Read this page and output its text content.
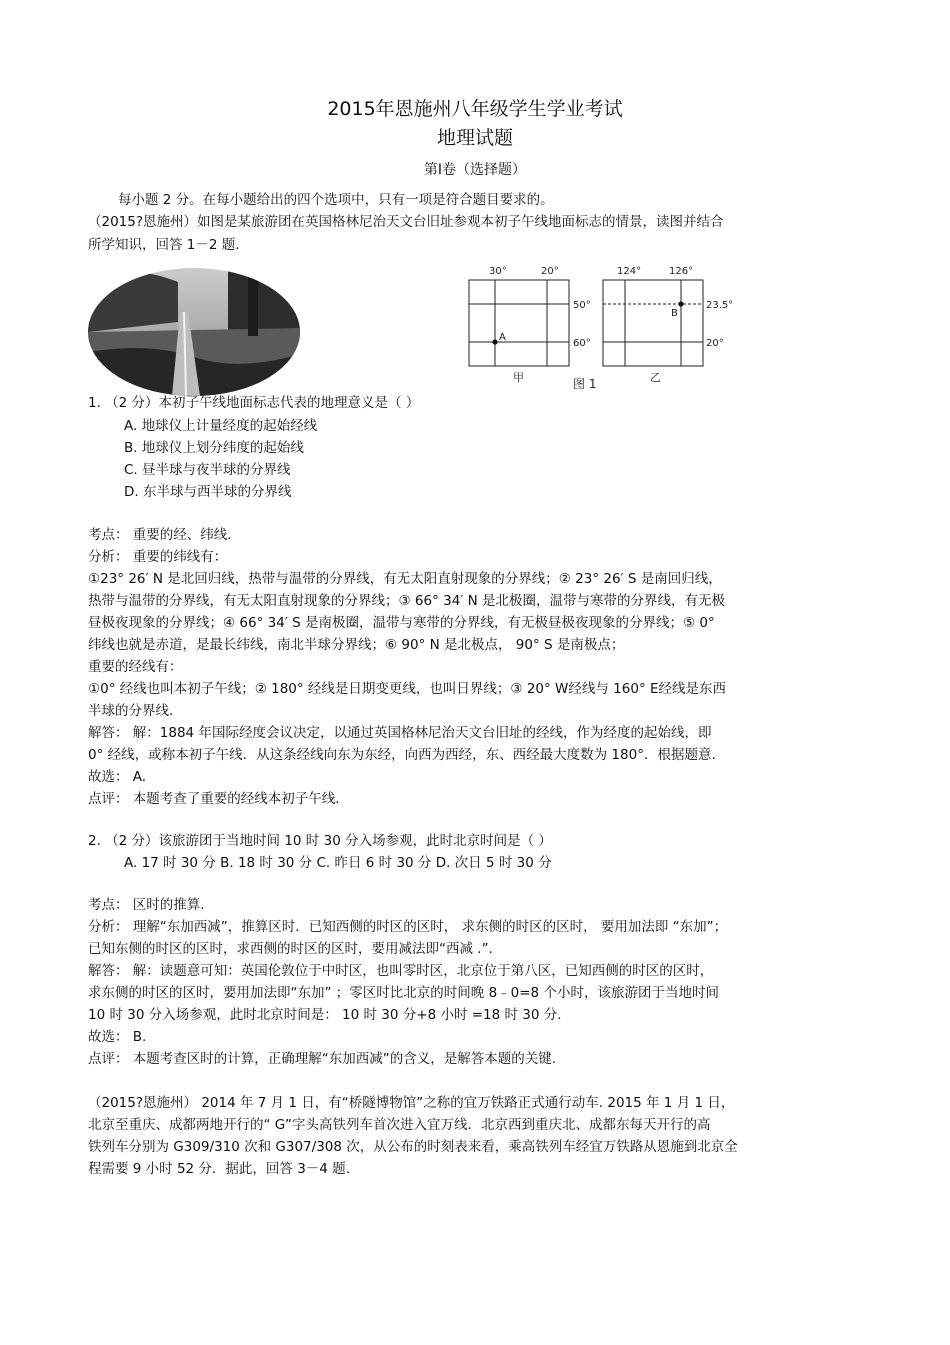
2015年恩施州八年级学生学业考试
地理试题
第Ⅰ卷（选择题）
每小题 2 分。在每小题给出的四个选项中，只有一项是符合题目要求的。
（2015?恩施州）如图是某旅游团在英国格林尼治天文台旧址参观本初子午线地面标志的情景，读图并结合
所学知识，回答 1－2 题.
30°	20°
50°
60°
A
甲
124°	126°
23.5°
20°
B
乙
图 1
1. （2 分）本初子午线地面标志代表的地理意义是（ ）
A. 地球仪上计量经度的起始经线
B. 地球仪上划分纬度的起始线
C. 昼半球与夜半球的分界线
D. 东半球与西半球的分界线
考点： 重要的经、纬线.
分析： 重要的纬线有：
①23° 26′ N 是北回归线，热带与温带的分界线，有无太阳直射现象的分界线；② 23° 26′ S 是南回归线，
热带与温带的分界线，有无太阳直射现象的分界线；③ 66° 34′ N 是北极圈，温带与寒带的分界线，有无极
昼极夜现象的分界线；④ 66° 34′ S 是南极圈，温带与寒带的分界线，有无极昼极夜现象的分界线；⑤ 0°
纬线也就是赤道，是最长纬线，南北半球分界线；⑥ 90° N 是北极点， 90° S 是南极点；
重要的经线有：
①0° 经线也叫本初子午线；② 180° 经线是日期变更线，也叫日界线；③ 20° W经线与 160° E经线是东西
半球的分界线.
解答： 解：1884 年国际经度会议决定，以通过英国格林尼治天文台旧址的经线，作为经度的起始线，即
0° 经线，或称本初子午线．从这条经线向东为东经，向西为西经，东、西经最大度数为 180°．根据题意.
故选： A.
点评： 本题考查了重要的经线本初子午线.
2. （2 分）该旅游团于当地时间 10 时 30 分入场参观，此时北京时间是（ ）
A. 17 时 30 分 B. 18 时 30 分 C. 昨日 6 时 30 分 D. 次日 5 时 30 分
考点： 区时的推算.
分析： 理解“东加西减”，推算区时．已知西侧的时区的区时， 求东侧的时区的区时， 要用加法即 “东加”；
已知东侧的时区的区时，求西侧的时区的区时，要用减法即“西减 .”.
解答： 解：读题意可知：英国伦敦位于中时区，也叫零时区，北京位于第八区，已知西侧的时区的区时，
求东侧的时区的区时，要用加法即“东加” ；零区时比北京的时间晚 8﹣0=8 个小时，该旅游团于当地时间
10 时 30 分入场参观，此时北京时间是： 10 时 30 分+8 小时 =18 时 30 分.
故选： B.
点评： 本题考查区时的计算，正确理解“东加西减”的含义，是解答本题的关键.
（2015?恩施州） 2014 年 7 月 1 日，有“桥隧博物馆”之称的宜万铁路正式通行动车. 2015 年 1 月 1 日，
北京至重庆、成都两地开行的“ G”字头高铁列车首次进入宜万线．北京西到重庆北、成都东每天开行的高
铁列车分别为 G309/310 次和 G307/308 次，从公布的时刻表来看，乘高铁列车经宜万铁路从恩施到北京全
程需要 9 小时 52 分．据此，回答 3－4 题.
